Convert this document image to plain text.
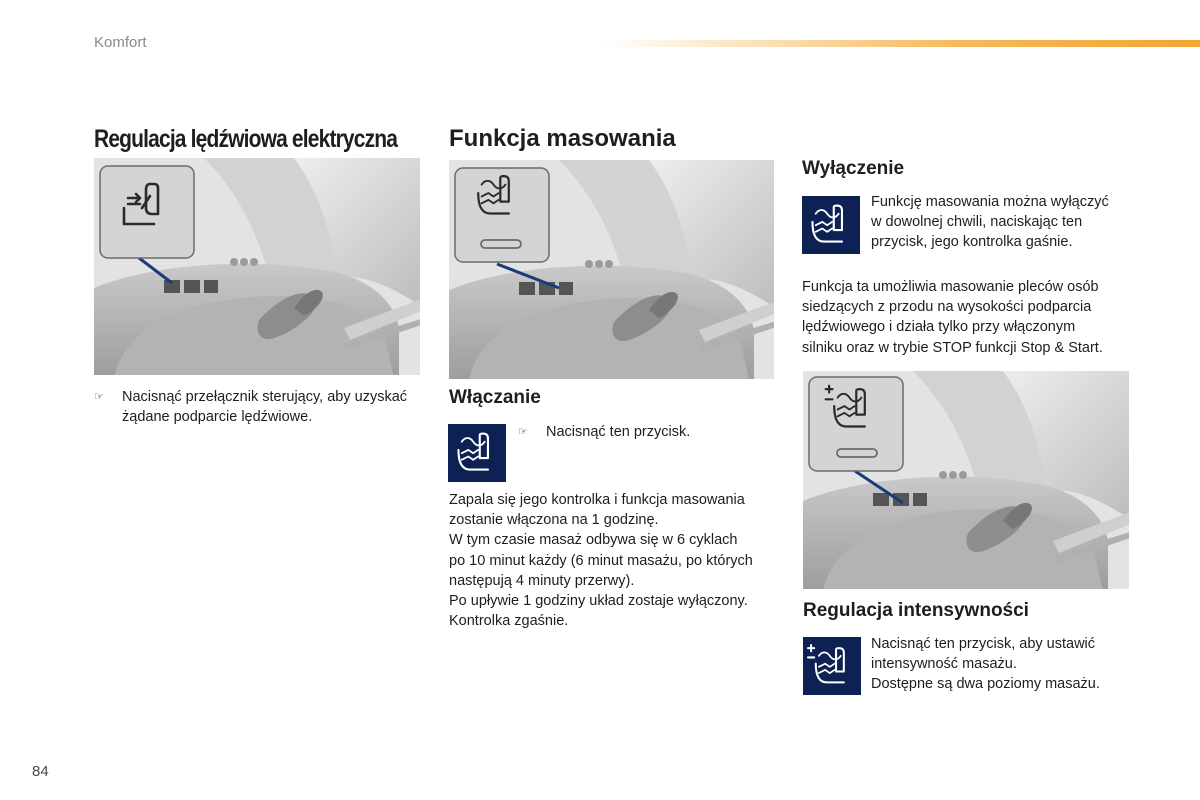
Komfort
Regulacja lędźwiowa elektryczna
☞ Nacisnąć przełącznik sterujący, aby uzyskać żądane podparcie lędźwiowe.
Funkcja masowania
Włączanie
☞ Nacisnąć ten przycisk.
Zapala się jego kontrolka i funkcja masowania
zostanie włączona na 1 godzinę.
W tym czasie masaż odbywa się w 6 cyklach
po 10 minut każdy (6 minut masażu, po których
następują 4 minuty przerwy).
Po upływie 1 godziny układ zostaje wyłączony.
Kontrolka zgaśnie.
Wyłączenie
Funkcję masowania można wyłączyć
w dowolnej chwili, naciskając ten
przycisk, jego kontrolka gaśnie.
Funkcja ta umożliwia masowanie pleców osób
siedzących z przodu na wysokości podparcia
lędźwiowego i działa tylko przy włączonym
silniku oraz w trybie STOP funkcji Stop & Start.
Regulacja intensywności
Nacisnąć ten przycisk, aby ustawić
intensywność masażu.
Dostępne są dwa poziomy masażu.
84
